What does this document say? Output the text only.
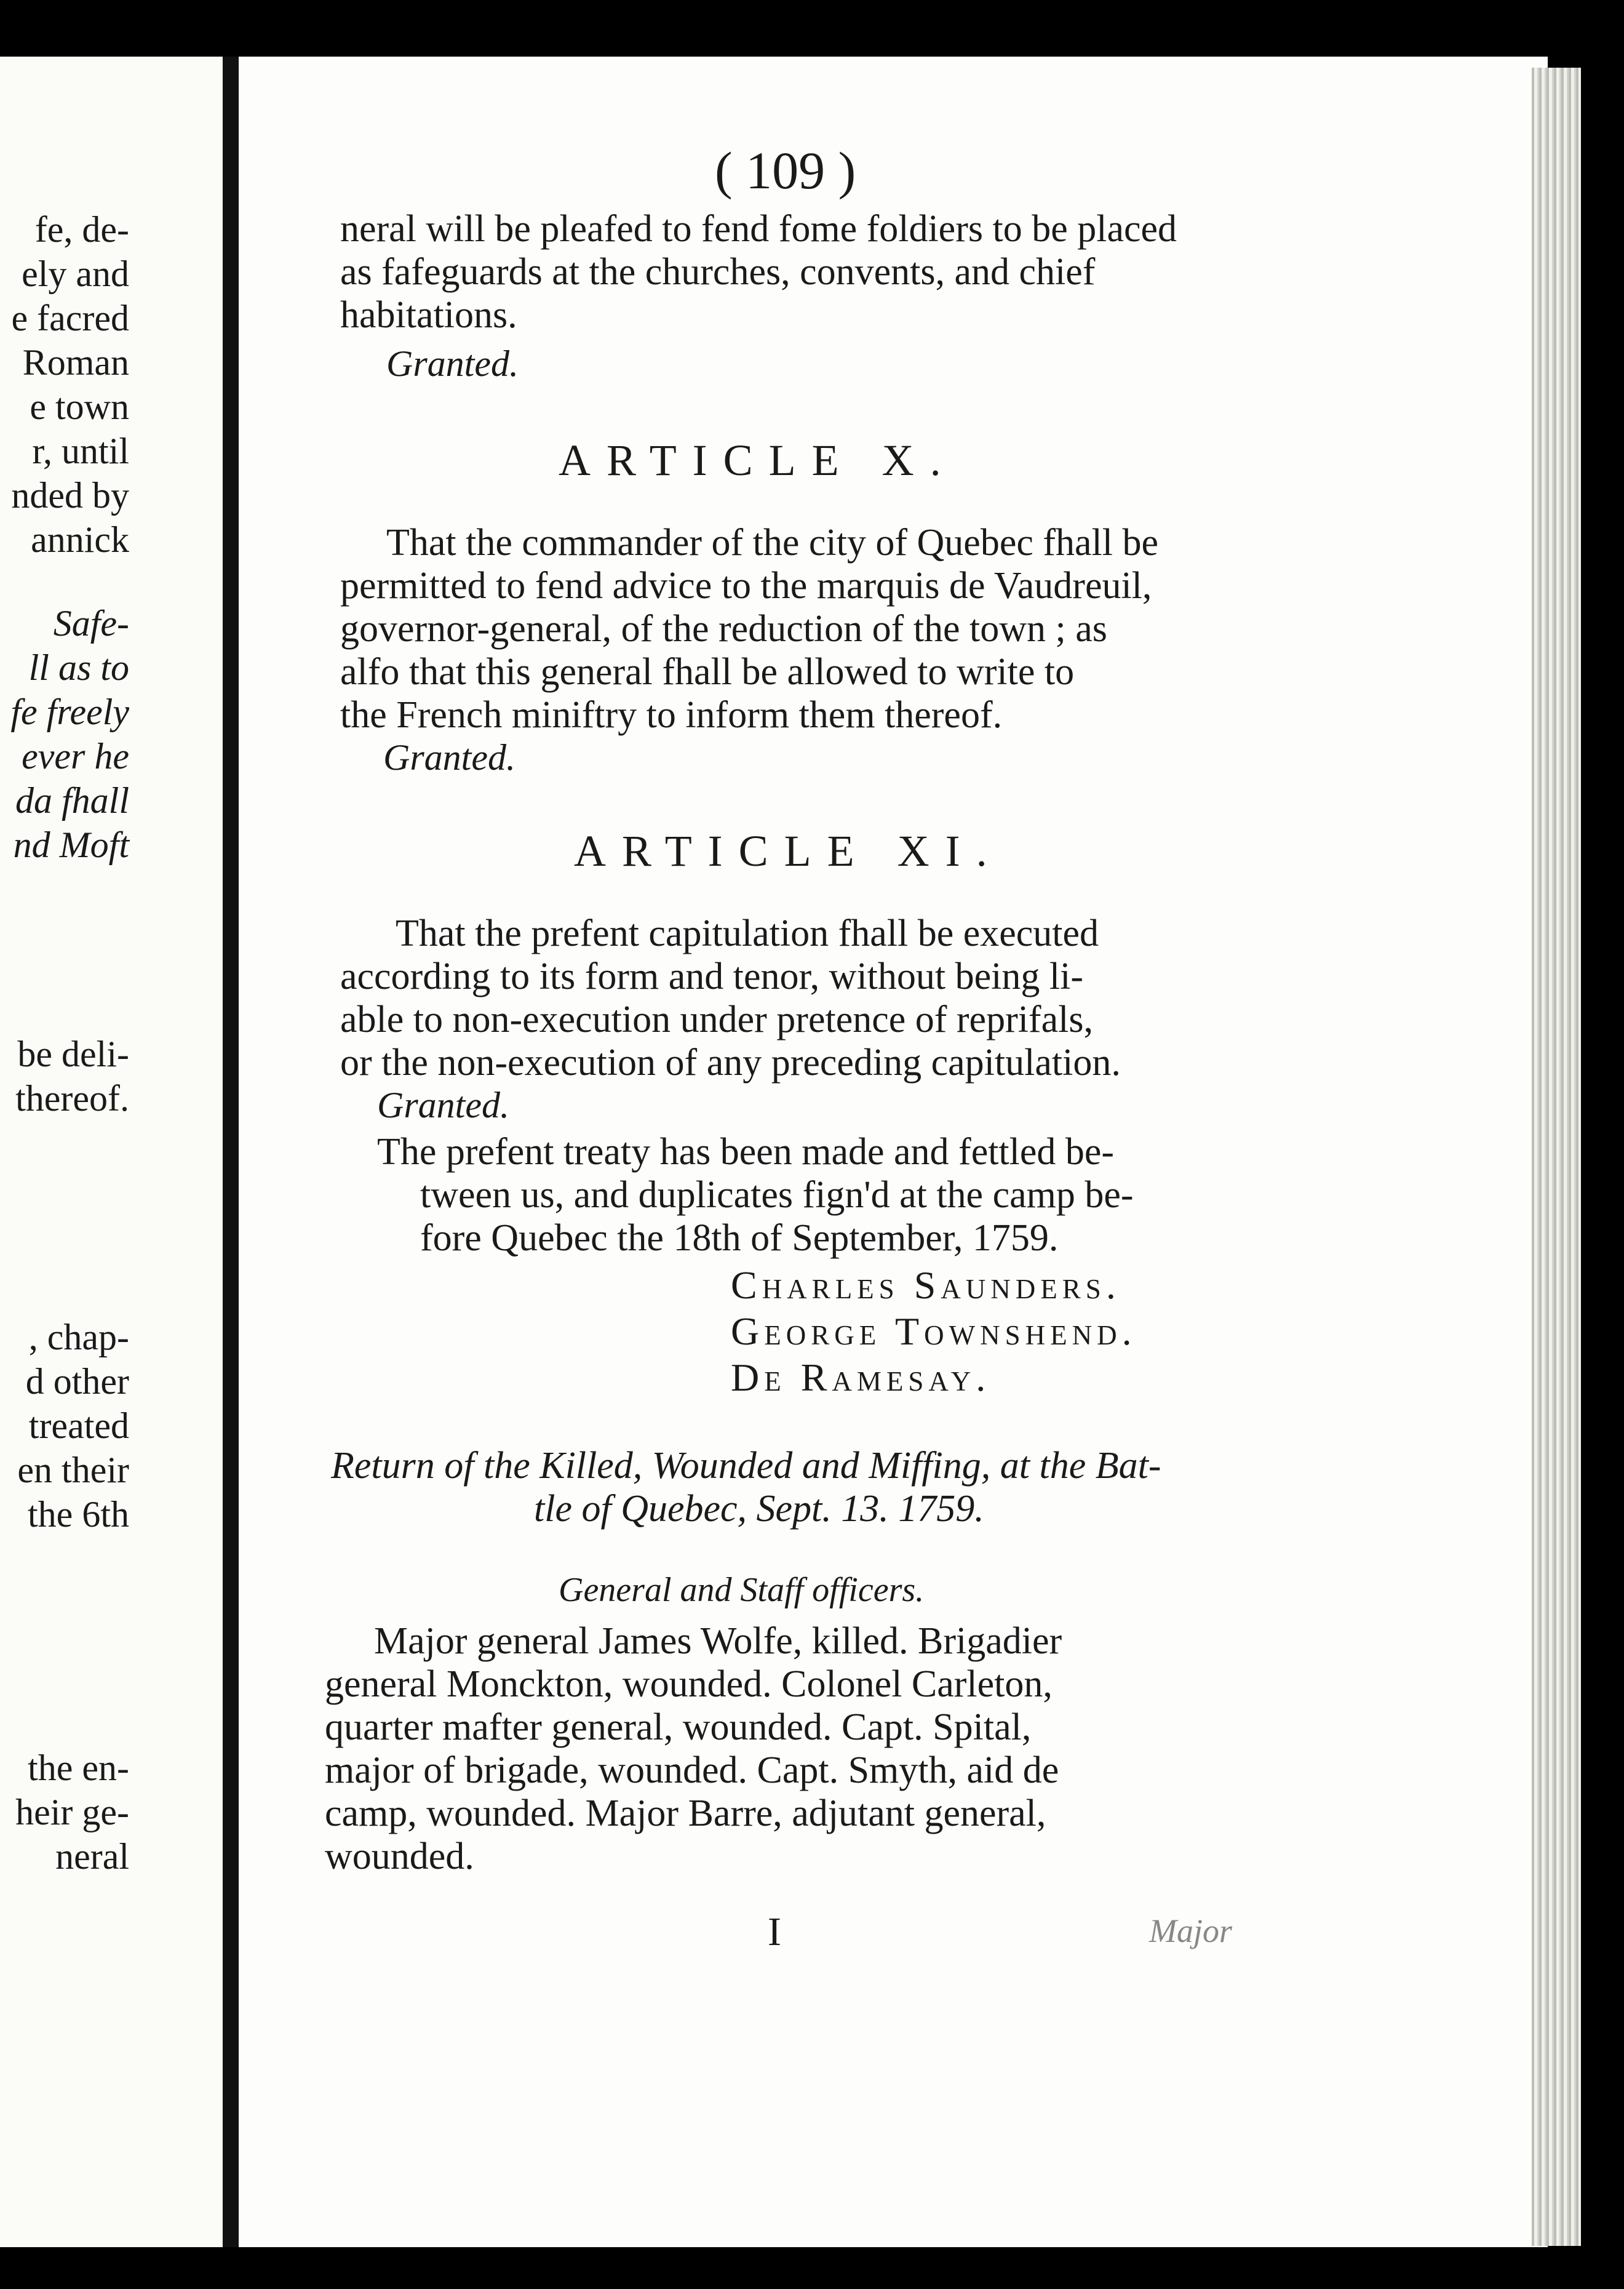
fe, de-
ely and
e facred
Roman
e town
r, until
nded by
annick
Safe-
ll as to
fe freely
ever he
da fhall
nd Moft
be deli-
thereof.
, chap-
d other
treated
en their
the 6th
the en-
heir ge-
neral
( 109 )
neral will be pleafed to fend fome foldiers to be placed
as fafeguards at the churches, convents, and chief
habitations.
Granted.
ARTICLE X.
That the commander of the city of Quebec fhall be
permitted to fend advice to the marquis de Vaudreuil,
governor-general, of the reduction of the town ; as
alfo that this general fhall be allowed to write to
the French miniftry to inform them thereof.
Granted.
ARTICLE XI.
That the prefent capitulation fhall be executed
according to its form and tenor, without being li-
able to non-execution under pretence of reprifals,
or the non-execution of any preceding capitulation.
Granted.
The prefent treaty has been made and fettled be-
tween us, and duplicates fign'd at the camp be-
fore Quebec the 18th of September, 1759.
Charles Saunders.
George Townshend.
De Ramesay.
Return of the Killed, Wounded and Miffing, at the Bat-
tle of Quebec, Sept. 13. 1759.
General and Staff officers.
Major general James Wolfe, killed. Brigadier
general Monckton, wounded. Colonel Carleton,
quarter mafter general, wounded. Capt. Spital,
major of brigade, wounded. Capt. Smyth, aid de
camp, wounded. Major Barre, adjutant general,
wounded.
I	Major
